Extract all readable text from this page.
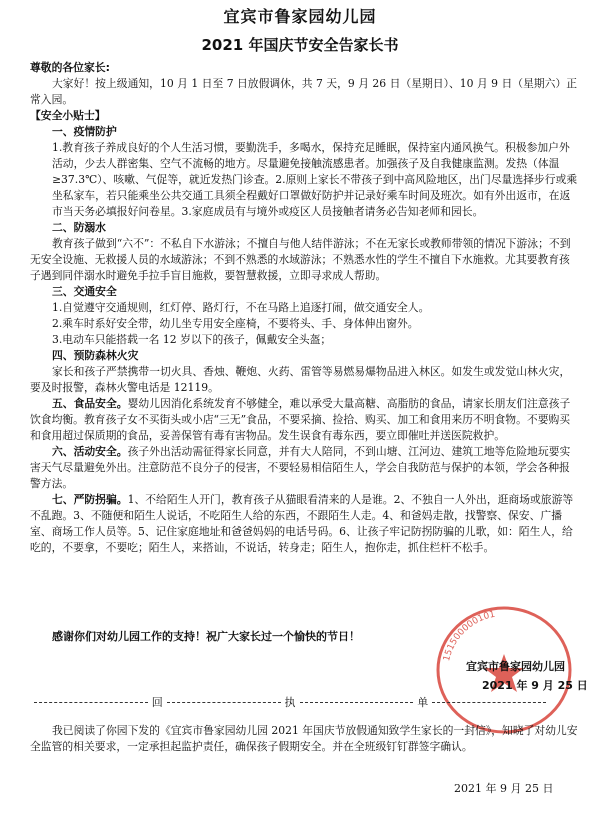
宜宾市鲁家园幼儿园
2021 年国庆节安全告家长书

尊敬的各位家长:

大家好！按上级通知，10 月 1 日至 7 日放假调休，共 7 天，9 月 26 日（星期日）、10 月 9 日（星期六）正常入园。

【安全小贴士】

一、疫情防护

1.教育孩子养成良好的个人生活习惯，要勤洗手，多喝水，保持充足睡眠，保持室内通风换气。积极参加户外活动，少去人群密集、空气不流畅的地方。尽量避免接触流感患者。加强孩子及自我健康监测。发热（体温≥37.3℃）、咳嗽、气促等，就近发热门诊查。2.原则上家长不带孩子到中高风险地区，出门尽量选择步行或乘坐私家车，若只能乘坐公共交通工具须全程戴好口罩做好防护并记录好乘车时间及班次。如有外出返市，在返市当天务必填报好问卷星。3.家庭成员有与境外或疫区人员接触者请务必告知老师和园长。

二、防溺水

教育孩子做到“六不”：不私自下水游泳；不擅自与他人结伴游泳；不在无家长或教师带领的情况下游泳；不到无安全设施、无救援人员的水域游泳；不到不熟悉的水域游泳；不熟悉水性的学生不擅自下水施救。尤其要教育孩子遇到同伴溺水时避免手拉手盲目施救，要智慧救援，立即寻求成人帮助。

三、交通安全

1.自觉遵守交通规则，红灯停、路灯行，不在马路上追逐打闹，做交通安全人。

2.乘车时系好安全带，幼儿坐专用安全座椅，不要将头、手、身体伸出窗外。

3.电动车只能搭载一名 12 岁以下的孩子，佩戴安全头盔；

四、预防森林火灾

家长和孩子严禁携带一切火具、香烛、鞭炮、火药、雷管等易燃易爆物品进入林区。如发生或发觉山林火灾，要及时报警，森林火警电话是 12119。

五、食品安全。婴幼儿因消化系统发育不够健全，难以承受大量高糖、高脂肪的食品，请家长朋友们注意孩子饮食均衡。教育孩子女不买街头或小店“三无”食品，不要采摘、捡拾、购买、加工和食用来历不明食物。不要购买和食用超过保质期的食品，妥善保管有毒有害物品。发生误食有毒东西，要立即催吐并送医院救护。

六、活动安全。孩子外出活动需征得家长同意，并有大人陪同，不到山塘、江河边、建筑工地等危险地玩要实害天气尽量避免外出。注意防范不良分子的侵害，不要轻易相信陌生人，学会自我防范与保护的本领，学会各种报警方法。

七、严防拐骗。1、不给陌生人开门，教育孩子从猫眼看清来的人是谁。2、不独自一人外出，逛商场或旅游等不乱跑。3、不随便和陌生人说话，不吃陌生人给的东西，不跟陌生人走。4、和爸妈走散，找警察、保安、广播室、商场工作人员等。5、记住家庭地址和爸爸妈妈的电话号码。6、让孩子牢记防拐防骗的儿歌，如：陌生人，给吃的，不要拿，不要吃；陌生人，来搭讪，不说话，转身走；陌生人，抱你走，抓住栏杆不松手。

感谢你们对幼儿园工作的支持！祝广大家长过一个愉快的节日！
151500000101
宜宾市鲁家园幼儿园
2021 年 9 月 25 日
回	执	单

我已阅读了你园下发的《宜宾市鲁家园幼儿园 2021 年国庆节放假通知致学生家长的一封信》，知晓了对幼儿安全监管的相关要求，一定承担起监护责任，确保孩子假期安全。并在全班级钉钉群签字确认。

2021 年 9 月 25 日
